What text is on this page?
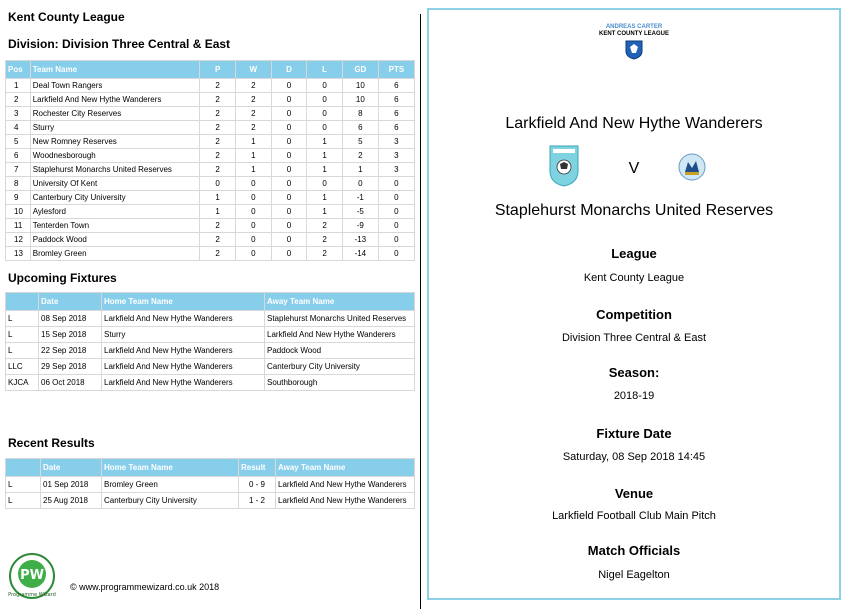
Kent County League
Division: Division Three Central & East
Pos	Team Name	P	W	D	L	GD	PTS
1	Deal Town Rangers	2	2	0	0	10	6
2	Larkfield And New Hythe Wanderers	2	2	0	0	10	6
3	Rochester City Reserves	2	2	0	0	8	6
4	Sturry	2	2	0	0	6	6
5	New Romney Reserves	2	1	0	1	5	3
6	Woodnesborough	2	1	0	1	2	3
7	Staplehurst Monarchs United Reserves	2	1	0	1	1	3
8	University Of Kent	0	0	0	0	0	0
9	Canterbury City University	1	0	0	1	-1	0
10	Aylesford	1	0	0	1	-5	0
11	Tenterden Town	2	0	0	2	-9	0
12	Paddock Wood	2	0	0	2	-13	0
13	Bromley Green	2	0	0	2	-14	0
Upcoming Fixtures
	Date	Home Team Name	Away Team Name
L	08 Sep 2018	Larkfield And New Hythe Wanderers	Staplehurst Monarchs United Reserves
L	15 Sep 2018	Sturry	Larkfield And New Hythe Wanderers
L	22 Sep 2018	Larkfield And New Hythe Wanderers	Paddock Wood
LLC	29 Sep 2018	Larkfield And New Hythe Wanderers	Canterbury City University
KJCA	06 Oct 2018	Larkfield And New Hythe Wanderers	Southborough
Recent Results
	Date	Home Team Name	Result	Away Team Name
L	01 Sep 2018	Bromley Green	0 - 9	Larkfield And New Hythe Wanderers
L	25 Aug 2018	Canterbury City University	1 - 2	Larkfield And New Hythe Wanderers
PW
Programme Wizard
© www.programmewizard.co.uk 2018
ANDREAS CARTER
KENT COUNTY LEAGUE
Larkfield And New Hythe Wanderers
V
Staplehurst Monarchs United Reserves
League
Kent County League
Competition
Division Three Central & East
Season:
2018-19
Fixture Date
Saturday, 08 Sep 2018 14:45
Venue
Larkfield Football Club Main Pitch
Match Officials
Nigel Eagelton
